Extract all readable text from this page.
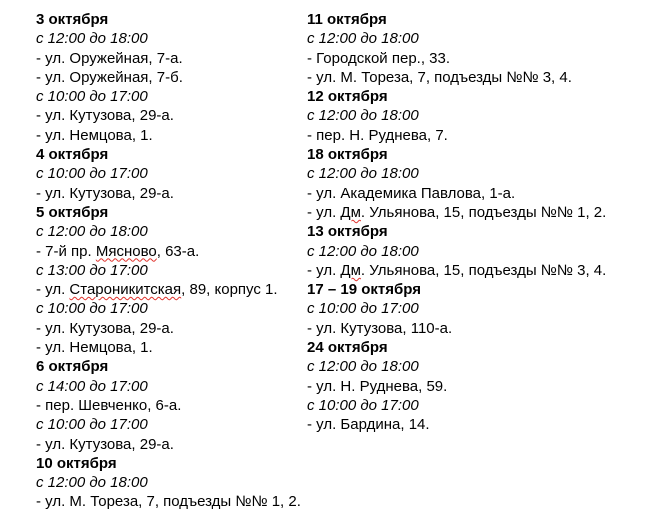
3 октября
с 12:00 до 18:00
- ул. Оружейная, 7-а.
- ул. Оружейная, 7-б.
с 10:00 до 17:00
- ул. Кутузова, 29-а.
- ул. Немцова, 1.
4 октября
с 10:00 до 17:00
- ул. Кутузова, 29-а.
5 октября
с 12:00 до 18:00
- 7-й пр. Мясново, 63-а.
с 13:00 до 17:00
- ул. Староникитская, 89, корпус 1.
с 10:00 до 17:00
- ул. Кутузова, 29-а.
- ул. Немцова, 1.
6 октября
с 14:00 до 17:00
- пер. Шевченко, 6-а.
с 10:00 до 17:00
- ул. Кутузова, 29-а.
10 октября
с 12:00 до 18:00
- ул. М. Тореза, 7, подъезды №№ 1, 2.
11 октября
с 12:00 до 18:00
- Городской пер., 33.
- ул. М. Тореза, 7, подъезды №№ 3, 4.
12 октября
с 12:00 до 18:00
- пер. Н. Руднева, 7.
18 октября
с 12:00 до 18:00
- ул. Академика Павлова, 1-а.
- ул. Дм. Ульянова, 15, подъезды №№ 1, 2.
13 октября
с 12:00 до 18:00
- ул. Дм. Ульянова, 15, подъезды №№ 3, 4.
17 – 19 октября
с 10:00 до 17:00
- ул. Кутузова, 110-а.
24 октября
с 12:00 до 18:00
- ул. Н. Руднева, 59.
с 10:00 до 17:00
- ул. Бардина, 14.
